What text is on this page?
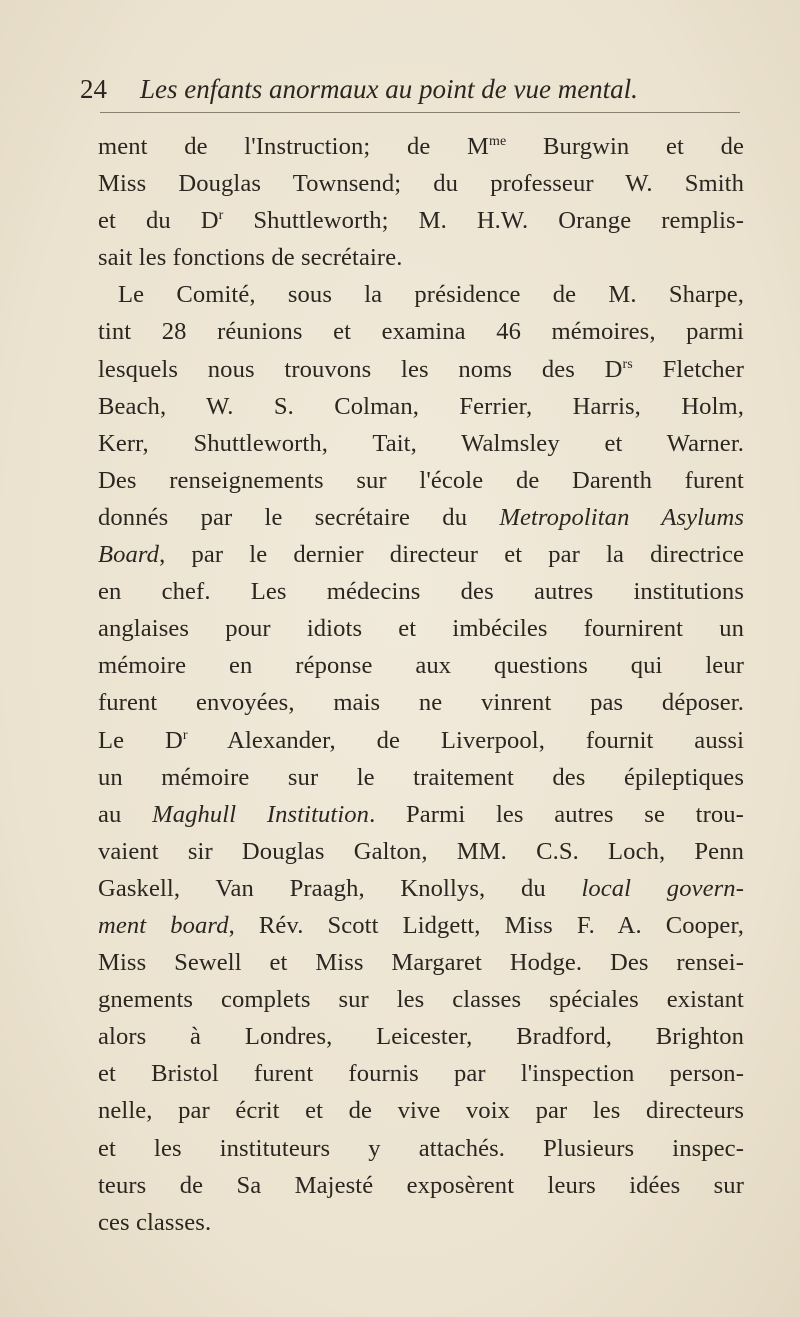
24 Les enfants anormaux au point de vue mental.
ment de l'Instruction; de $M^{me}$ Burgwin et de
Miss Douglas Townsend; du professeur W. Smith
et du $D^r$ Shuttleworth; M. H.W. Orange remplis-
sait les fonctions de secrétaire.
Le Comité, sous la présidence de M. Sharpe,
tint 28 réunions et examina 46 mémoires, parmi
lesquels nous trouvons les noms des $D^{rs}$ Fletcher
Beach, W. S. Colman, Ferrier, Harris, Holm,
Kerr, Shuttleworth, Tait, Walmsley et Warner.
Des renseignements sur l'école de Darenth furent
donnés par le secrétaire du Metropolitan Asylums
Board, par le dernier directeur et par la directrice
en chef. Les médecins des autres institutions
anglaises pour idiots et imbéciles fournirent un
mémoire en réponse aux questions qui leur
furent envoyées, mais ne vinrent pas déposer.
Le $D^r$ Alexander, de Liverpool, fournit aussi
un mémoire sur le traitement des épileptiques
au Maghull Institution. Parmi les autres se trou-
vaient sir Douglas Galton, MM. C.S. Loch, Penn
Gaskell, Van Praagh, Knollys, du local govern-
ment board, Rév. Scott Lidgett, Miss F. A. Cooper,
Miss Sewell et Miss Margaret Hodge. Des rensei-
gnements complets sur les classes spéciales existant
alors à Londres, Leicester, Bradford, Brighton
et Bristol furent fournis par l'inspection person-
nelle, par écrit et de vive voix par les directeurs
et les instituteurs y attachés. Plusieurs inspec-
teurs de Sa Majesté exposèrent leurs idées sur
ces classes.
